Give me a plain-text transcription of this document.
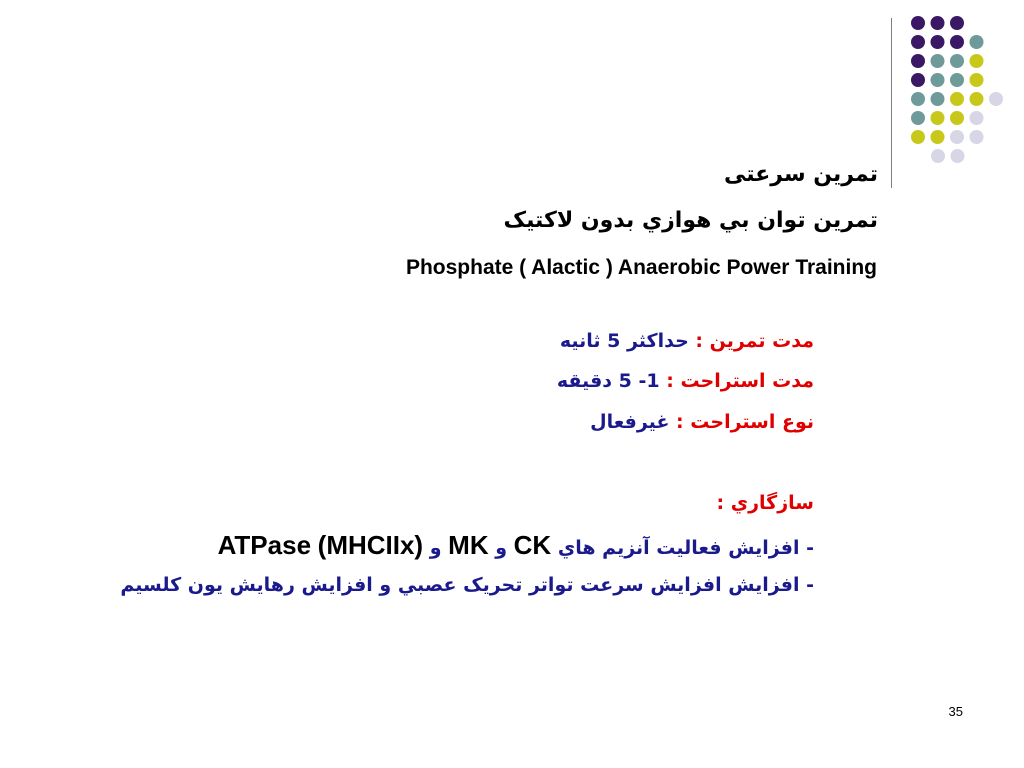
تمرين سرعتی
تمرين توان بي هوازي بدون لاكتيک
Phosphate ( Alactic ) Anaerobic Power Training
مدت تمرين : حداكثر 5 ثانيه
مدت استراحت : 1- 5 دقيقه
نوع استراحت : غيرفعال
سازگاري :
- افزايش فعاليت آنزيم هاي CK و MK و ATPase (MHCIIx)
- افزايش افزايش سرعت تواتر تحريک عصبي و افزايش رهايش يون كلسيم
35
